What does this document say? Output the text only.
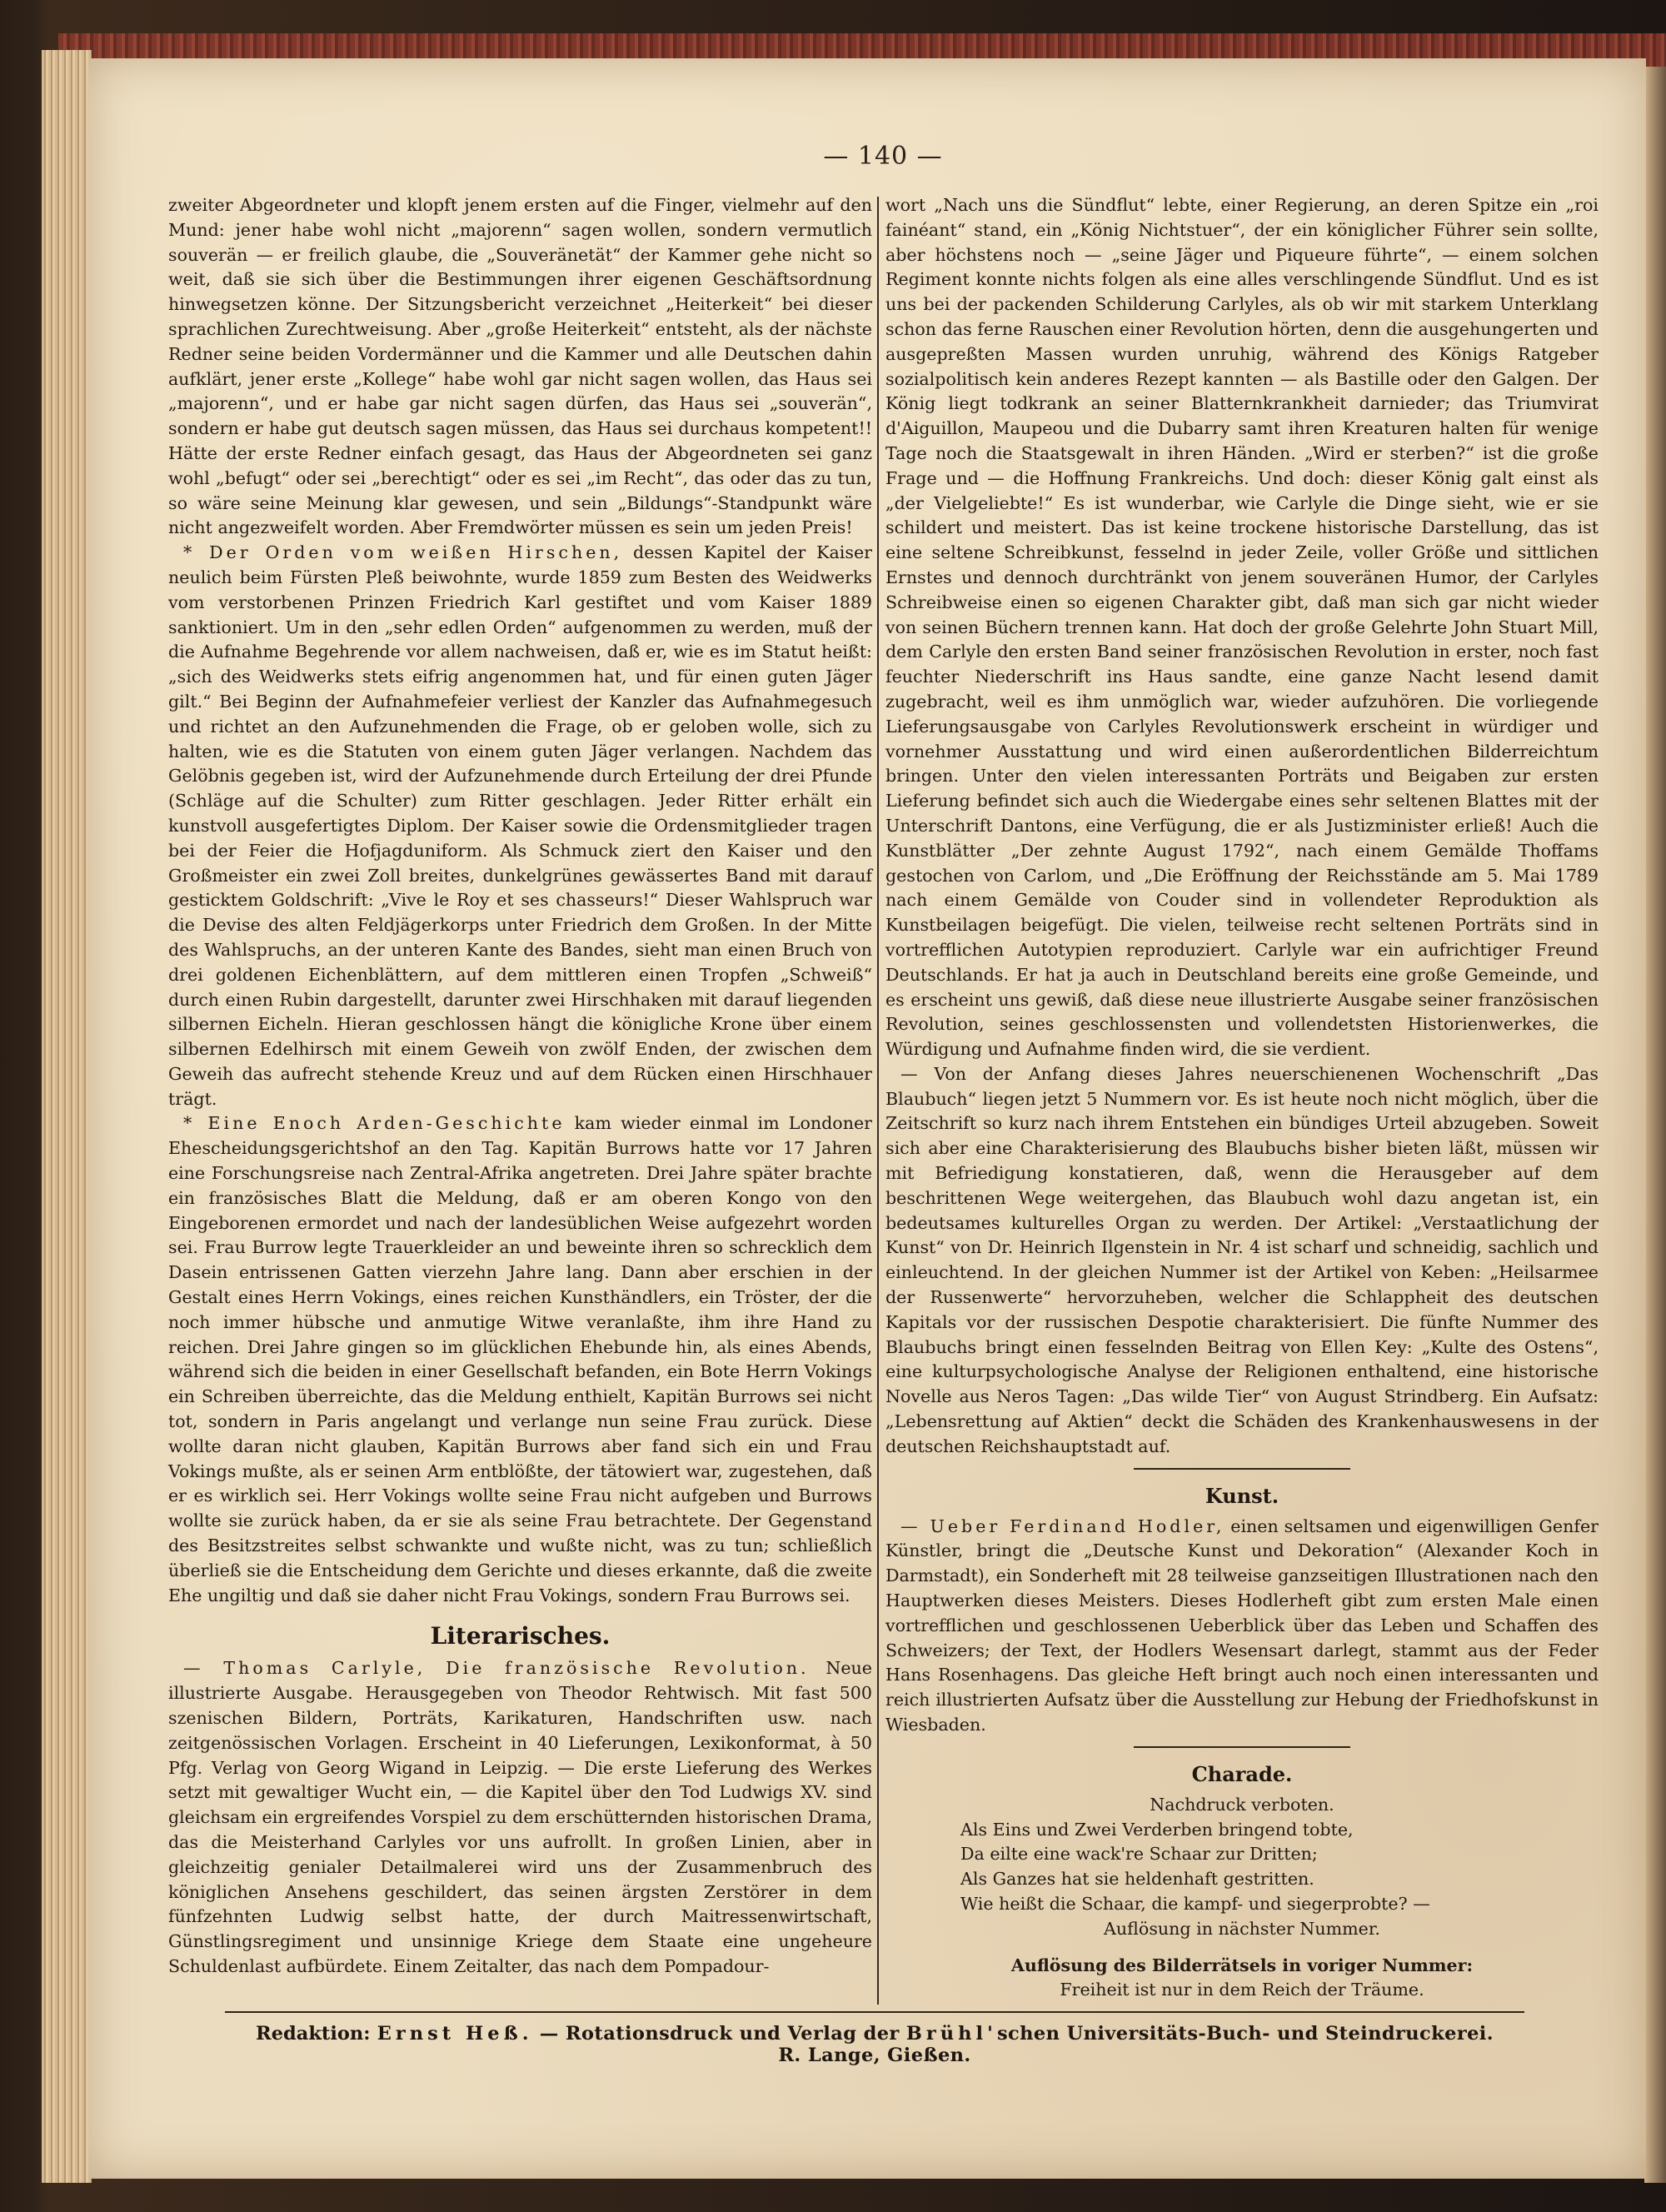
— 140 —

zweiter Abgeordneter und klopft jenem ersten auf die Finger, vielmehr auf den Mund: jener habe wohl nicht „majorenn“ sagen wollen, sondern vermutlich souverän — er freilich glaube, die „Souveränetät“ der Kammer gehe nicht so weit, daß sie sich über die Bestimmungen ihrer eigenen Geschäftsordnung hinwegsetzen könne. Der Sitzungsbericht verzeichnet „Heiterkeit“ bei dieser sprachlichen Zurechtweisung. Aber „große Heiterkeit“ entsteht, als der nächste Redner seine beiden Vordermänner und die Kammer und alle Deutschen dahin aufklärt, jener erste „Kollege“ habe wohl gar nicht sagen wollen, das Haus sei „majorenn“, und er habe gar nicht sagen dürfen, das Haus sei „souverän“, sondern er habe gut deutsch sagen müssen, das Haus sei durchaus kompetent!! Hätte der erste Redner einfach gesagt, das Haus der Abgeordneten sei ganz wohl „befugt“ oder sei „berechtigt“ oder es sei „im Recht“, das oder das zu tun, so wäre seine Meinung klar gewesen, und sein „Bildungs“-Standpunkt wäre nicht angezweifelt worden. Aber Fremdwörter müssen es sein um jeden Preis!

* Der Orden vom weißen Hirschen, dessen Kapitel der Kaiser neulich beim Fürsten Pleß beiwohnte, wurde 1859 zum Besten des Weidwerks vom verstorbenen Prinzen Friedrich Karl gestiftet und vom Kaiser 1889 sanktioniert. Um in den „sehr edlen Orden“ aufgenommen zu werden, muß der die Aufnahme Begehrende vor allem nachweisen, daß er, wie es im Statut heißt: „sich des Weidwerks stets eifrig angenommen hat, und für einen guten Jäger gilt.“ Bei Beginn der Aufnahmefeier verliest der Kanzler das Aufnahmegesuch und richtet an den Aufzunehmenden die Frage, ob er geloben wolle, sich zu halten, wie es die Statuten von einem guten Jäger verlangen. Nachdem das Gelöbnis gegeben ist, wird der Aufzunehmende durch Erteilung der drei Pfunde (Schläge auf die Schulter) zum Ritter geschlagen. Jeder Ritter erhält ein kunstvoll ausgefertigtes Diplom. Der Kaiser sowie die Ordensmitglieder tragen bei der Feier die Hofjagduniform. Als Schmuck ziert den Kaiser und den Großmeister ein zwei Zoll breites, dunkelgrünes gewässertes Band mit darauf gesticktem Goldschrift: „Vive le Roy et ses chasseurs!“ Dieser Wahlspruch war die Devise des alten Feldjägerkorps unter Friedrich dem Großen. In der Mitte des Wahlspruchs, an der unteren Kante des Bandes, sieht man einen Bruch von drei goldenen Eichenblättern, auf dem mittleren einen Tropfen „Schweiß“ durch einen Rubin dargestellt, darunter zwei Hirschhaken mit darauf liegenden silbernen Eicheln. Hieran geschlossen hängt die königliche Krone über einem silbernen Edelhirsch mit einem Geweih von zwölf Enden, der zwischen dem Geweih das aufrecht stehende Kreuz und auf dem Rücken einen Hirschhauer trägt.

* Eine Enoch Arden-Geschichte kam wieder einmal im Londoner Ehescheidungsgerichtshof an den Tag. Kapitän Burrows hatte vor 17 Jahren eine Forschungsreise nach Zentral-Afrika angetreten. Drei Jahre später brachte ein französisches Blatt die Meldung, daß er am oberen Kongo von den Eingeborenen ermordet und nach der landesüblichen Weise aufgezehrt worden sei. Frau Burrow legte Trauerkleider an und beweinte ihren so schrecklich dem Dasein entrissenen Gatten vierzehn Jahre lang. Dann aber erschien in der Gestalt eines Herrn Vokings, eines reichen Kunsthändlers, ein Tröster, der die noch immer hübsche und anmutige Witwe veranlaßte, ihm ihre Hand zu reichen. Drei Jahre gingen so im glücklichen Ehebunde hin, als eines Abends, während sich die beiden in einer Gesellschaft befanden, ein Bote Herrn Vokings ein Schreiben überreichte, das die Meldung enthielt, Kapitän Burrows sei nicht tot, sondern in Paris angelangt und verlange nun seine Frau zurück. Diese wollte daran nicht glauben, Kapitän Burrows aber fand sich ein und Frau Vokings mußte, als er seinen Arm entblößte, der tätowiert war, zugestehen, daß er es wirklich sei. Herr Vokings wollte seine Frau nicht aufgeben und Burrows wollte sie zurück haben, da er sie als seine Frau betrachtete. Der Gegenstand des Besitzstreites selbst schwankte und wußte nicht, was zu tun; schließlich überließ sie die Entscheidung dem Gerichte und dieses erkannte, daß die zweite Ehe ungiltig und daß sie daher nicht Frau Vokings, sondern Frau Burrows sei.

Literarisches.

— Thomas Carlyle, Die französische Revolution. Neue illustrierte Ausgabe. Herausgegeben von Theodor Rehtwisch. Mit fast 500 szenischen Bildern, Porträts, Karikaturen, Handschriften usw. nach zeitgenössischen Vorlagen. Erscheint in 40 Lieferungen, Lexikonformat, à 50 Pfg. Verlag von Georg Wigand in Leipzig. — Die erste Lieferung des Werkes setzt mit gewaltiger Wucht ein, — die Kapitel über den Tod Ludwigs XV. sind gleichsam ein ergreifendes Vorspiel zu dem erschütternden historischen Drama, das die Meisterhand Carlyles vor uns aufrollt. In großen Linien, aber in gleichzeitig genialer Detailmalerei wird uns der Zusammenbruch des königlichen Ansehens geschildert, das seinen ärgsten Zerstörer in dem fünfzehnten Ludwig selbst hatte, der durch Maitressenwirtschaft, Günstlingsregiment und unsinnige Kriege dem Staate eine ungeheure Schuldenlast aufbürdete. Einem Zeitalter, das nach dem Pompadour-

wort „Nach uns die Sündflut“ lebte, einer Regierung, an deren Spitze ein „roi fainéant“ stand, ein „König Nichtstuer“, der ein königlicher Führer sein sollte, aber höchstens noch — „seine Jäger und Piqueure führte“, — einem solchen Regiment konnte nichts folgen als eine alles verschlingende Sündflut. Und es ist uns bei der packenden Schilderung Carlyles, als ob wir mit starkem Unterklang schon das ferne Rauschen einer Revolution hörten, denn die ausgehungerten und ausgepreßten Massen wurden unruhig, während des Königs Ratgeber sozialpolitisch kein anderes Rezept kannten — als Bastille oder den Galgen. Der König liegt todkrank an seiner Blatternkrankheit darnieder; das Triumvirat d'Aiguillon, Maupeou und die Dubarry samt ihren Kreaturen halten für wenige Tage noch die Staatsgewalt in ihren Händen. „Wird er sterben?“ ist die große Frage und — die Hoffnung Frankreichs. Und doch: dieser König galt einst als „der Vielgeliebte!“ Es ist wunderbar, wie Carlyle die Dinge sieht, wie er sie schildert und meistert. Das ist keine trockene historische Darstellung, das ist eine seltene Schreibkunst, fesselnd in jeder Zeile, voller Größe und sittlichen Ernstes und dennoch durchtränkt von jenem souveränen Humor, der Carlyles Schreibweise einen so eigenen Charakter gibt, daß man sich gar nicht wieder von seinen Büchern trennen kann. Hat doch der große Gelehrte John Stuart Mill, dem Carlyle den ersten Band seiner französischen Revolution in erster, noch fast feuchter Niederschrift ins Haus sandte, eine ganze Nacht lesend damit zugebracht, weil es ihm unmöglich war, wieder aufzuhören. Die vorliegende Lieferungsausgabe von Carlyles Revolutionswerk erscheint in würdiger und vornehmer Ausstattung und wird einen außerordentlichen Bilderreichtum bringen. Unter den vielen interessanten Porträts und Beigaben zur ersten Lieferung befindet sich auch die Wiedergabe eines sehr seltenen Blattes mit der Unterschrift Dantons, eine Verfügung, die er als Justizminister erließ! Auch die Kunstblätter „Der zehnte August 1792“, nach einem Gemälde Thoffams gestochen von Carlom, und „Die Eröffnung der Reichsstände am 5. Mai 1789 nach einem Gemälde von Couder sind in vollendeter Reproduktion als Kunstbeilagen beigefügt. Die vielen, teilweise recht seltenen Porträts sind in vortrefflichen Autotypien reproduziert. Carlyle war ein aufrichtiger Freund Deutschlands. Er hat ja auch in Deutschland bereits eine große Gemeinde, und es erscheint uns gewiß, daß diese neue illustrierte Ausgabe seiner französischen Revolution, seines geschlossensten und vollendetsten Historienwerkes, die Würdigung und Aufnahme finden wird, die sie verdient.

— Von der Anfang dieses Jahres neuerschienenen Wochenschrift „Das Blaubuch“ liegen jetzt 5 Nummern vor. Es ist heute noch nicht möglich, über die Zeitschrift so kurz nach ihrem Entstehen ein bündiges Urteil abzugeben. Soweit sich aber eine Charakterisierung des Blaubuchs bisher bieten läßt, müssen wir mit Befriedigung konstatieren, daß, wenn die Herausgeber auf dem beschrittenen Wege weitergehen, das Blaubuch wohl dazu angetan ist, ein bedeutsames kulturelles Organ zu werden. Der Artikel: „Verstaatlichung der Kunst“ von Dr. Heinrich Ilgenstein in Nr. 4 ist scharf und schneidig, sachlich und einleuchtend. In der gleichen Nummer ist der Artikel von Keben: „Heilsarmee der Russenwerte“ hervorzuheben, welcher die Schlappheit des deutschen Kapitals vor der russischen Despotie charakterisiert. Die fünfte Nummer des Blaubuchs bringt einen fesselnden Beitrag von Ellen Key: „Kulte des Ostens“, eine kulturpsychologische Analyse der Religionen enthaltend, eine historische Novelle aus Neros Tagen: „Das wilde Tier“ von August Strindberg. Ein Aufsatz: „Lebensrettung auf Aktien“ deckt die Schäden des Krankenhauswesens in der deutschen Reichshauptstadt auf.

Kunst.

— Ueber Ferdinand Hodler, einen seltsamen und eigenwilligen Genfer Künstler, bringt die „Deutsche Kunst und Dekoration“ (Alexander Koch in Darmstadt), ein Sonderheft mit 28 teilweise ganzseitigen Illustrationen nach den Hauptwerken dieses Meisters. Dieses Hodlerheft gibt zum ersten Male einen vortrefflichen und geschlossenen Ueberblick über das Leben und Schaffen des Schweizers; der Text, der Hodlers Wesensart darlegt, stammt aus der Feder Hans Rosenhagens. Das gleiche Heft bringt auch noch einen interessanten und reich illustrierten Aufsatz über die Ausstellung zur Hebung der Friedhofskunst in Wiesbaden.

Charade.

Nachdruck verboten.

Als Eins und Zwei Verderben bringend tobte,
Da eilte eine wack're Schaar zur Dritten;
Als Ganzes hat sie heldenhaft gestritten.
Wie heißt die Schaar, die kampf- und siegerprobte? —

Auflösung in nächster Nummer.

Auflösung des Bilderrätsels in voriger Nummer:

Freiheit ist nur in dem Reich der Träume.

Redaktion: Ernst Heß. — Rotationsdruck und Verlag der Brühl'schen Universitäts-Buch- und Steindruckerei. R. Lange, Gießen.
